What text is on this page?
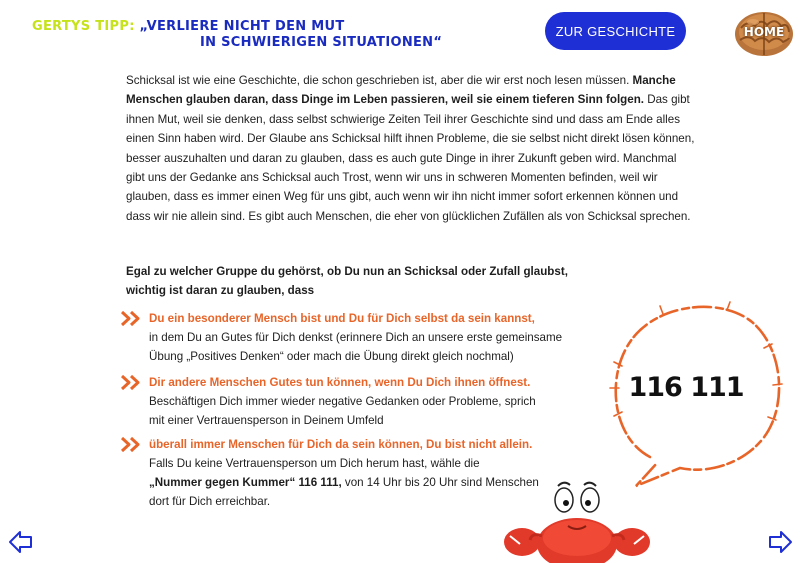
GERTYS TIPP: „VERLIERE NICHT DEN MUT
IN SCHWIERIGEN SITUATIONEN“
ZUR GESCHICHTE	HOME

Schicksal ist wie eine Geschichte, die schon geschrieben ist, aber die wir erst noch lesen müssen. Manche Menschen glauben daran, dass Dinge im Leben passieren, weil sie einem tieferen Sinn folgen. Das gibt ihnen Mut, weil sie denken, dass selbst schwierige Zeiten Teil ihrer Geschichte sind und dass am Ende alles einen Sinn haben wird. Der Glaube ans Schicksal hilft ihnen Probleme, die sie selbst nicht direkt lösen können, besser auszuhalten und daran zu glauben, dass es auch gute Dinge in ihrer Zukunft geben wird. Manchmal gibt uns der Gedanke ans Schicksal auch Trost, wenn wir uns in schweren Momenten befinden, weil wir glauben, dass es immer einen Weg für uns gibt, auch wenn wir ihn nicht immer sofort erkennen können und dass wir nie allein sind. Es gibt auch Menschen, die eher von glücklichen Zufällen als von Schicksal sprechen.

Egal zu welcher Gruppe du gehörst, ob Du nun an Schicksal oder Zufall glaubst,
wichtig ist daran zu glauben, dass

Du ein besonderer Mensch bist und Du für Dich selbst da sein kannst,
in dem Du an Gutes für Dich denkst (erinnere Dich an unsere erste gemeinsame
Übung „Positives Denken“ oder mach die Übung direkt gleich nochmal)
Dir andere Menschen Gutes tun können, wenn Du Dich ihnen öffnest.
Beschäftigen Dich immer wieder negative Gedanken oder Probleme, sprich
mit einer Vertrauensperson in Deinem Umfeld
überall immer Menschen für Dich da sein können, Du bist nicht allein.
Falls Du keine Vertrauensperson um Dich herum hast, wähle die
„Nummer gegen Kummer“ 116 111, von 14 Uhr bis 20 Uhr sind Menschen
dort für Dich erreichbar.
116 111
